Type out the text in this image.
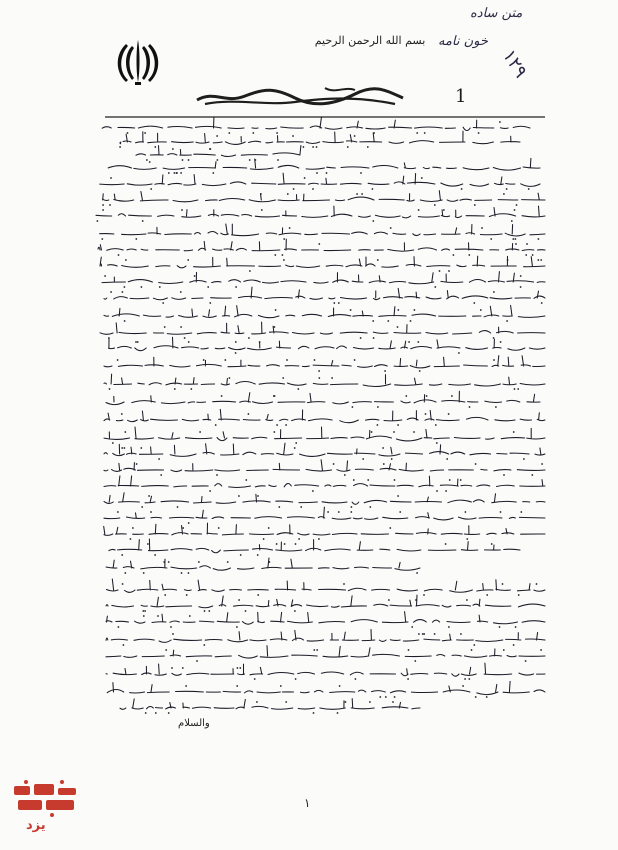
بسم الله الرحمن الرحیم
متن ساده
خون نامه
۱۲۹
1
والسلام
۱
یزد
